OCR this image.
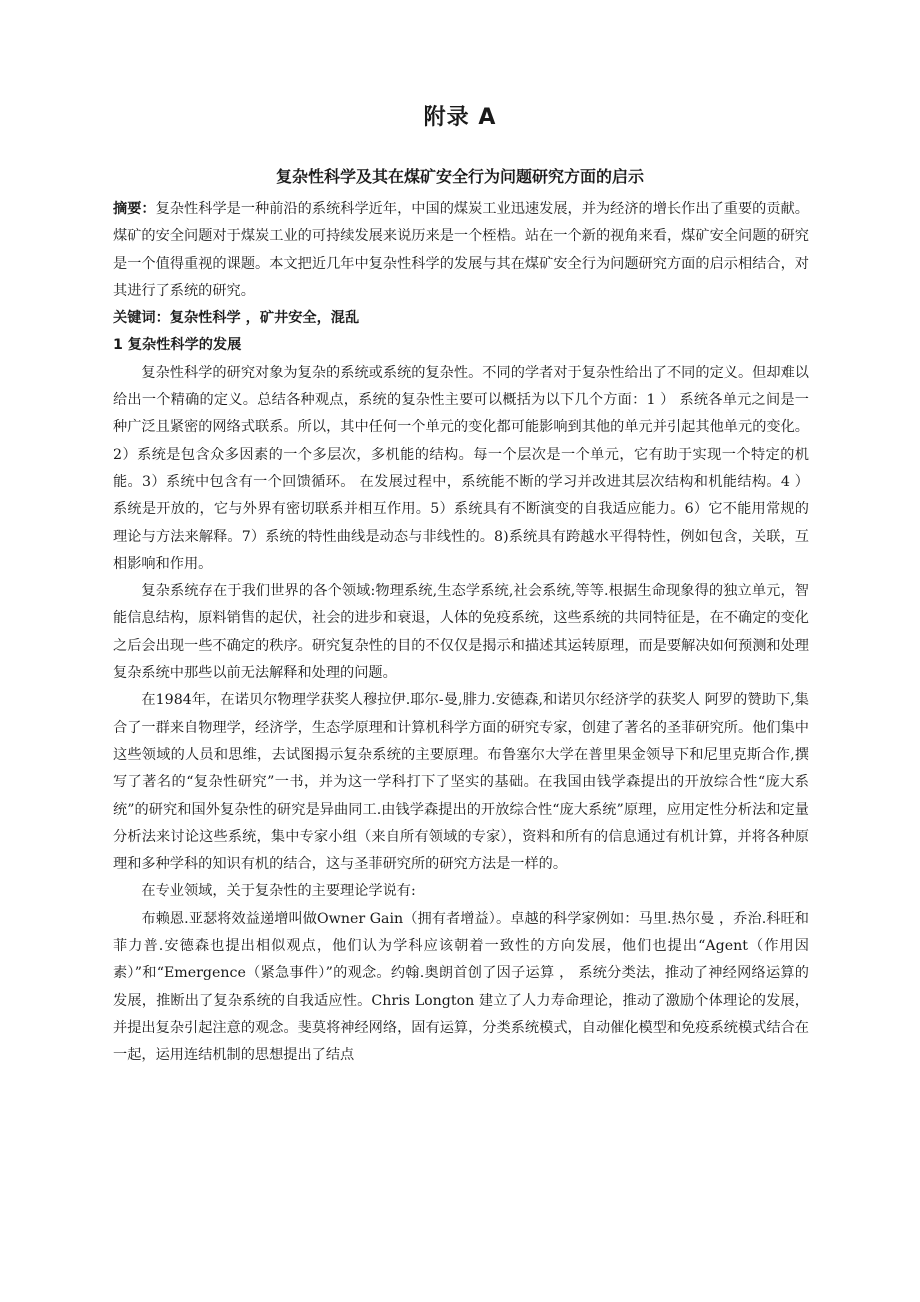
附录 A
复杂性科学及其在煤矿安全行为问题研究方面的启示

摘要：复杂性科学是一种前沿的系统科学近年，中国的煤炭工业迅速发展，并为经济的增长作出了重要的贡献。煤矿的安全问题对于煤炭工业的可持续发展来说历来是一个桎梏。站在一个新的视角来看，煤矿安全问题的研究是一个值得重视的课题。本文把近几年中复杂性科学的发展与其在煤矿安全行为问题研究方面的启示相结合，对其进行了系统的研究。

关键词：复杂性科学 ，矿井安全，混乱

1 复杂性科学的发展

复杂性科学的研究对象为复杂的系统或系统的复杂性。不同的学者对于复杂性给出了不同的定义。但却难以给出一个精确的定义。总结各种观点，系统的复杂性主要可以概括为以下几个方面：1 ） 系统各单元之间是一种广泛且紧密的网络式联系。所以，其中任何一个单元的变化都可能影响到其他的单元并引起其他单元的变化。2）系统是包含众多因素的一个多层次，多机能的结构。每一个层次是一个单元，它有助于实现一个特定的机能。3）系统中包含有一个回馈循环。 在发展过程中，系统能不断的学习并改进其层次结构和机能结构。4 ） 系统是开放的，它与外界有密切联系并相互作用。5）系统具有不断演变的自我适应能力。6）它不能用常规的理论与方法来解释。7）系统的特性曲线是动态与非线性的。8)系统具有跨越水平得特性，例如包含，关联，互相影响和作用。

复杂系统存在于我们世界的各个领域:物理系统,生态学系统,社会系统,等等.根据生命现象得的独立单元，智能信息结构，原料销售的起伏，社会的进步和衰退，人体的免疫系统，这些系统的共同特征是，在不确定的变化之后会出现一些不确定的秩序。研究复杂性的目的不仅仅是揭示和描述其运转原理，而是要解决如何预测和处理复杂系统中那些以前无法解释和处理的问题。

在1984年，在诺贝尔物理学获奖人穆拉伊.耶尔-曼,腓力.安德森,和诺贝尔经济学的获奖人 阿罗的赞助下,集合了一群来自物理学，经济学，生态学原理和计算机科学方面的研究专家，创建了著名的圣菲研究所。他们集中这些领域的人员和思维，去试图揭示复杂系统的主要原理。布鲁塞尔大学在普里果金领导下和尼里克斯合作,撰写了著名的“复杂性研究”一书，并为这一学科打下了坚实的基础。在我国由钱学森提出的开放综合性“庞大系统”的研究和国外复杂性的研究是异曲同工.由钱学森提出的开放综合性“庞大系统”原理，应用定性分析法和定量分析法来讨论这些系统，集中专家小组（来自所有领域的专家），资料和所有的信息通过有机计算，并将各种原理和多种学科的知识有机的结合，这与圣菲研究所的研究方法是一样的。

在专业领域，关于复杂性的主要理论学说有:

布赖恩.亚瑟将效益递增叫做Owner Gain（拥有者增益）。卓越的科学家例如：马里.热尔曼 ，乔治.科旺和菲力普.安德森也提出相似观点，他们认为学科应该朝着一致性的方向发展，他们也提出“Agent（作用因素）”和“Emergence（紧急事件）”的观念。约翰.奥朗首创了因子运算 ， 系统分类法，推动了神经网络运算的发展，推断出了复杂系统的自我适应性。Chris Longton 建立了人力寿命理论，推动了激励个体理论的发展，并提出复杂引起注意的观念。斐莫将神经网络，固有运算，分类系统模式，自动催化模型和免疫系统模式结合在一起，运用连结机制的思想提出了结点
